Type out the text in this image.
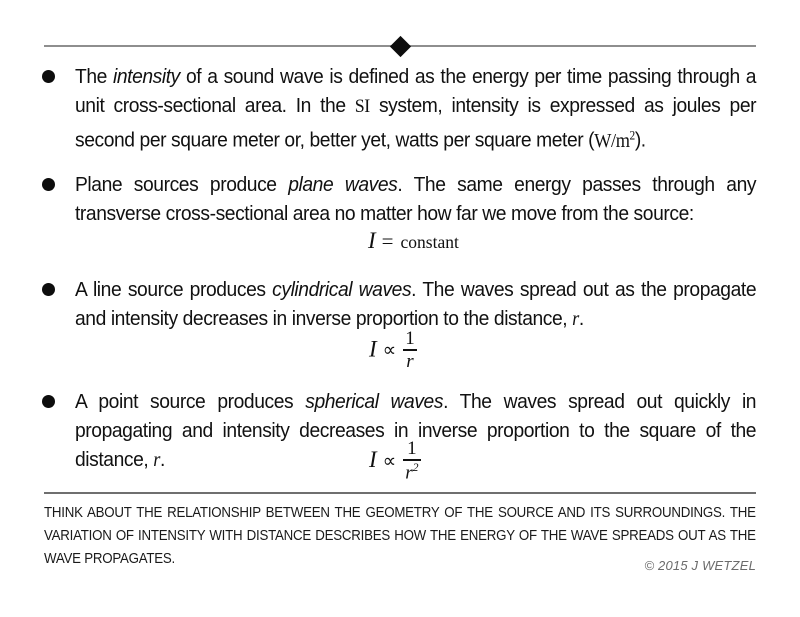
The intensity of a sound wave is defined as the energy per time passing through a unit cross-sectional area. In the SI system, intensity is expressed as joules per second per square meter or, better yet, watts per square meter $(W/m^2)$.
Plane sources produce plane waves. The same energy passes through any transverse cross-sectional area no matter how far we move from the source:
A line source produces cylindrical waves. The waves spread out as the propagate and intensity decreases in inverse proportion to the distance, r.
A point source produces spherical waves. The waves spread out quickly in propagating and intensity decreases in inverse proportion to the square of the distance, r.
I = constant
$I \propto \frac{1}{r}$
$I \propto \frac{1}{r^2}$
THINK ABOUT THE RELATIONSHIP BETWEEN THE GEOMETRY OF THE SOURCE AND ITS SURROUNDINGS. THE VARIATION OF INTENSITY WITH DISTANCE DESCRIBES HOW THE ENERGY OF THE WAVE SPREADS OUT AS THE WAVE PROPAGATES.	© 2015 J WETZEL
